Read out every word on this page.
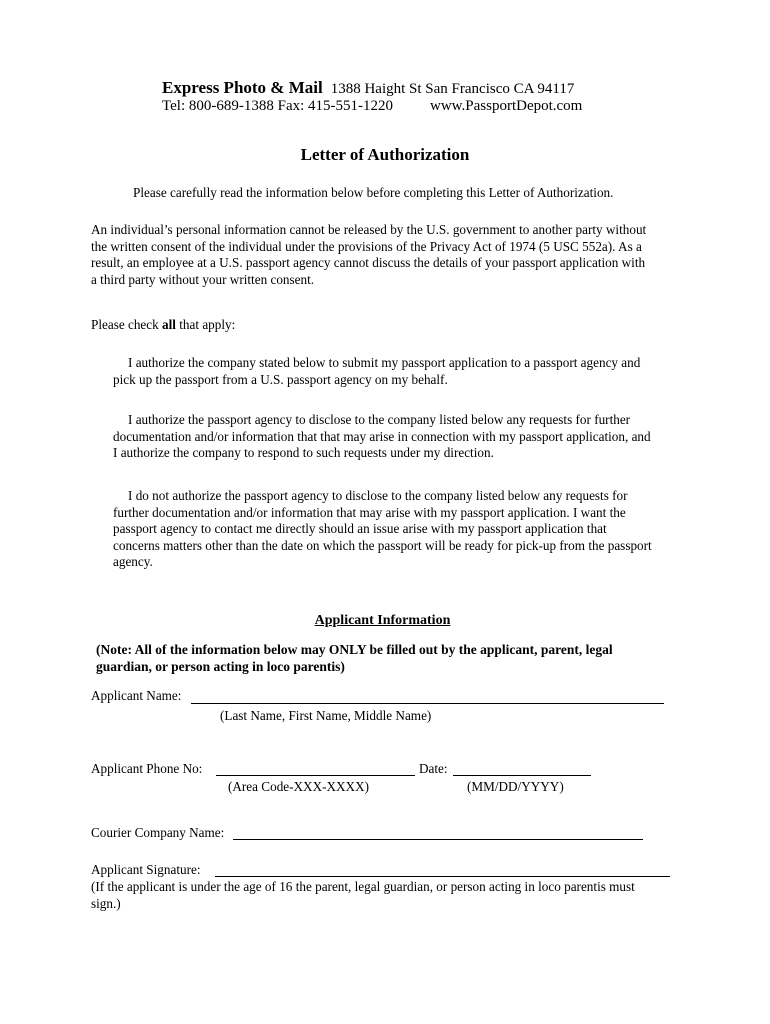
Express Photo & Mail 1388 Haight St San Francisco CA 94117
Tel: 800-689-1388 Fax: 415-551-1220 www.PassportDepot.com
Letter of Authorization
Please carefully read the information below before completing this Letter of Authorization.
An individual’s personal information cannot be released by the U.S. government to another party without
the written consent of the individual under the provisions of the Privacy Act of 1974 (5 USC 552a). As a
result, an employee at a U.S. passport agency cannot discuss the details of your passport application with
a third party without your written consent.
Please check all that apply:
I authorize the company stated below to submit my passport application to a passport agency and
pick up the passport from a U.S. passport agency on my behalf.
I authorize the passport agency to disclose to the company listed below any requests for further
documentation and/or information that that may arise in connection with my passport application, and
I authorize the company to respond to such requests under my direction.
I do not authorize the passport agency to disclose to the company listed below any requests for
further documentation and/or information that may arise with my passport application. I want the
passport agency to contact me directly should an issue arise with my passport application that
concerns matters other than the date on which the passport will be ready for pick-up from the passport
agency.
Applicant Information
(Note: All of the information below may ONLY be filled out by the applicant, parent, legal
guardian, or person acting in loco parentis)
Applicant Name:
(Last Name, First Name, Middle Name)
Applicant Phone No:	Date:
(Area Code-XXX-XXXX)	(MM/DD/YYYY)
Courier Company Name:
Applicant Signature:
(If the applicant is under the age of 16 the parent, legal guardian, or person acting in loco parentis must
sign.)
